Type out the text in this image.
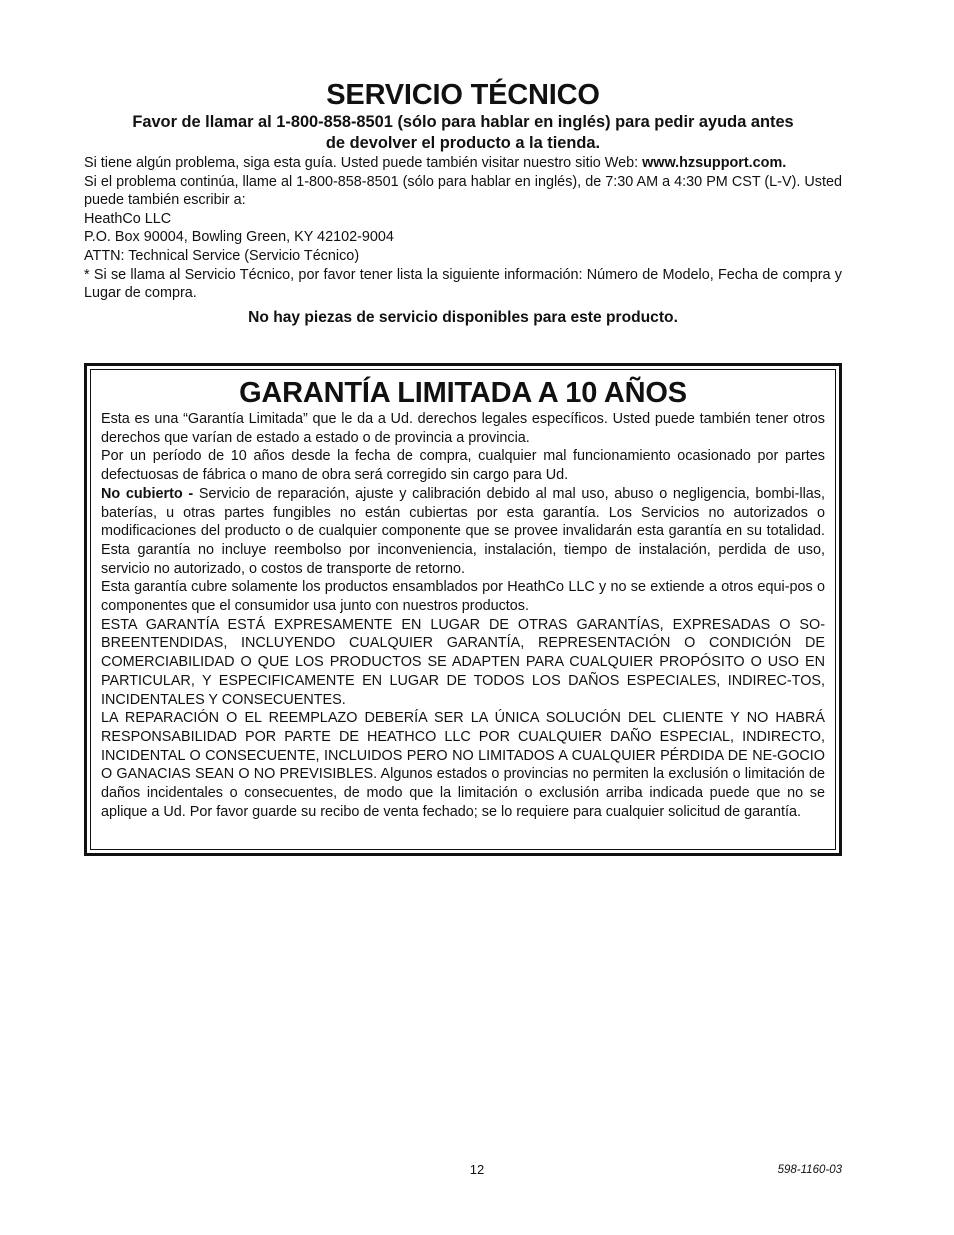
SERVICIO TÉCNICO
Favor de llamar al 1-800-858-8501 (sólo para hablar en inglés) para pedir ayuda antes
de devolver el producto a la tienda.
Si tiene algún problema, siga esta guía. Usted puede también visitar nuestro sitio Web: www.hzsupport.com.
Si el problema continúa, llame al 1-800-858-8501 (sólo para hablar en inglés), de 7:30 AM a 4:30 PM CST (L-V). Usted puede también escribir a:
HeathCo LLC
P.O. Box 90004, Bowling Green, KY 42102-9004
ATTN: Technical Service (Servicio Técnico)
* Si se llama al Servicio Técnico, por favor tener lista la siguiente información: Número de Modelo, Fecha de compra y Lugar de compra.
No hay piezas de servicio disponibles para este producto.
GARANTÍA LIMITADA A 10 AÑOS
Esta es una “Garantía Limitada” que le da a Ud. derechos legales específicos. Usted puede también tener otros derechos que varían de estado a estado o de provincia a provincia.
Por un período de 10 años desde la fecha de compra, cualquier mal funcionamiento ocasionado por partes defectuosas de fábrica o mano de obra será corregido sin cargo para Ud.
No cubierto - Servicio de reparación, ajuste y calibración debido al mal uso, abuso o negligencia, bombi-llas, baterías, u otras partes fungibles no están cubiertas por esta garantía. Los Servicios no autorizados o modificaciones del producto o de cualquier componente que se provee invalidarán esta garantía en su totalidad. Esta garantía no incluye reembolso por inconveniencia, instalación, tiempo de instalación, perdida de uso, servicio no autorizado, o costos de transporte de retorno.
Esta garantía cubre solamente los productos ensamblados por HeathCo LLC y no se extiende a otros equi-pos o componentes que el consumidor usa junto con nuestros productos.
ESTA GARANTÍA ESTÁ EXPRESAMENTE EN LUGAR DE OTRAS GARANTÍAS, EXPRESADAS O SO-BREENTENDIDAS, INCLUYENDO CUALQUIER GARANTÍA, REPRESENTACIÓN O CONDICIÓN DE COMERCIABILIDAD O QUE LOS PRODUCTOS SE ADAPTEN PARA CUALQUIER PROPÓSITO O USO EN PARTICULAR, Y ESPECIFICAMENTE EN LUGAR DE TODOS LOS DAÑOS ESPECIALES, INDIREC-TOS, INCIDENTALES Y CONSECUENTES.
LA REPARACIÓN O EL REEMPLAZO DEBERÍA SER LA ÚNICA SOLUCIÓN DEL CLIENTE Y NO HABRÁ RESPONSABILIDAD POR PARTE DE HEATHCO LLC POR CUALQUIER DAÑO ESPECIAL, INDIRECTO, INCIDENTAL O CONSECUENTE, INCLUIDOS PERO NO LIMITADOS A CUALQUIER PÉRDIDA DE NE-GOCIO O GANACIAS SEAN O NO PREVISIBLES. Algunos estados o provincias no permiten la exclusión o limitación de daños incidentales o consecuentes, de modo que la limitación o exclusión arriba indicada puede que no se aplique a Ud. Por favor guarde su recibo de venta fechado; se lo requiere para cualquier solicitud de garantía.
12	598-1160-03
